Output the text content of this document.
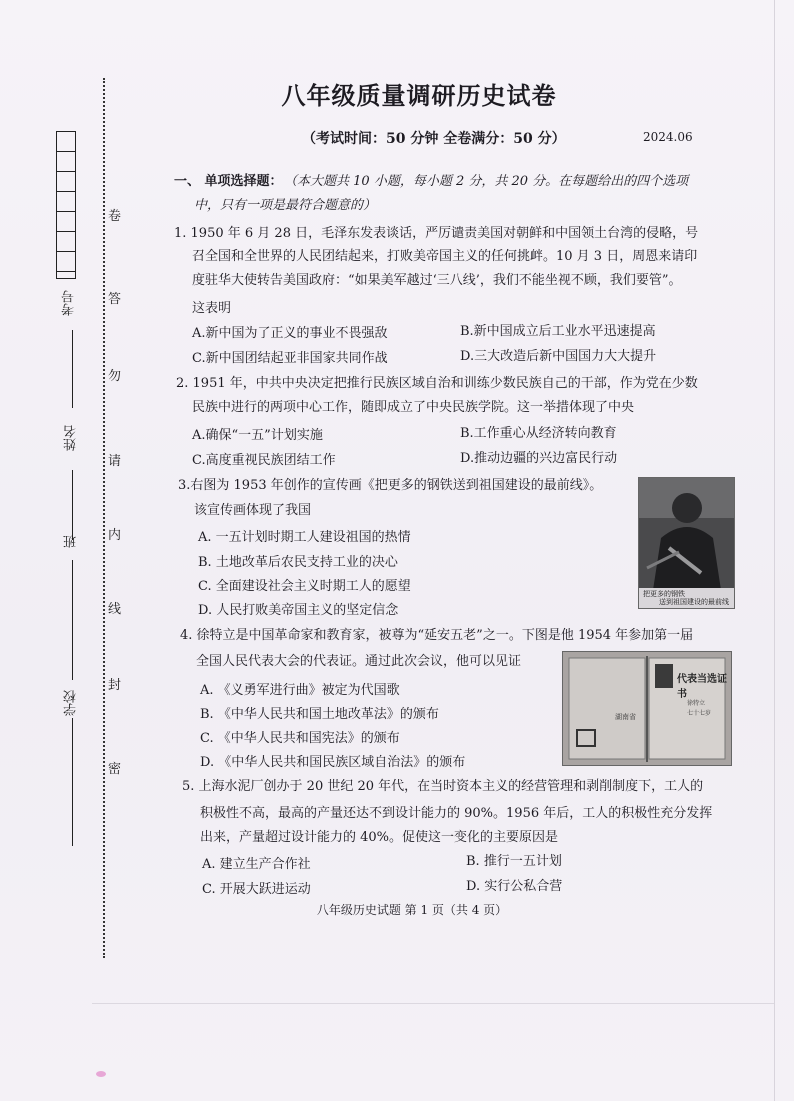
卷
答
勿
请
内
线
封
密
考号
姓名
班
学校
八年级质量调研历史试卷
（考试时间：50 分钟 全卷满分：50 分）	2024.06
一、 单项选择题： （本大题共 10 小题，每小题 2 分，共 20 分。在每题给出的四个选项
中，只有一项是最符合题意的）
1. 1950 年 6 月 28 日，毛泽东发表谈话，严厉谴责美国对朝鲜和中国领土台湾的侵略，号
召全国和全世界的人民团结起来，打败美帝国主义的任何挑衅。10 月 3 日，周恩来请印
度驻华大使转告美国政府：“如果美军越过‘三八线’，我们不能坐视不顾，我们要管”。
这表明
A.新中国为了正义的事业不畏强敌	B.新中国成立后工业水平迅速提高
C.新中国团结起亚非国家共同作战	D.三大改造后新中国国力大大提升
2. 1951 年，中共中央决定把推行民族区域自治和训练少数民族自己的干部，作为党在少数
民族中进行的两项中心工作，随即成立了中央民族学院。这一举措体现了中央
A.确保“一五”计划实施	B.工作重心从经济转向教育
C.高度重视民族团结工作	D.推动边疆的兴边富民行动
3.右图为 1953 年创作的宣传画《把更多的钢铁送到祖国建设的最前线》。
该宣传画体现了我国
A. 一五计划时期工人建设祖国的热情
B. 土地改革后农民支持工业的决心
C. 全面建设社会主义时期工人的愿望
D. 人民打败美帝国主义的坚定信念
把更多的钢铁
送到祖国建设的最前线
4. 徐特立是中国革命家和教育家，被尊为“延安五老”之一。下图是他 1954 年参加第一届
全国人民代表大会的代表证。通过此次会议，他可以见证
A. 《义勇军进行曲》被定为代国歌
B. 《中华人民共和国土地改革法》的颁布
C. 《中华人民共和国宪法》的颁布
D. 《中华人民共和国民族区域自治法》的颁布
代表当选证书
徐特立
七十七岁
湖南省
5. 上海水泥厂创办于 20 世纪 20 年代，在当时资本主义的经营管理和剥削制度下，工人的
积极性不高，最高的产量还达不到设计能力的 90%。1956 年后，工人的积极性充分发挥
出来，产量超过设计能力的 40%。促使这一变化的主要原因是
A. 建立生产合作社	B. 推行一五计划
C. 开展大跃进运动	D. 实行公私合营
八年级历史试题 第 1 页（共 4 页）
